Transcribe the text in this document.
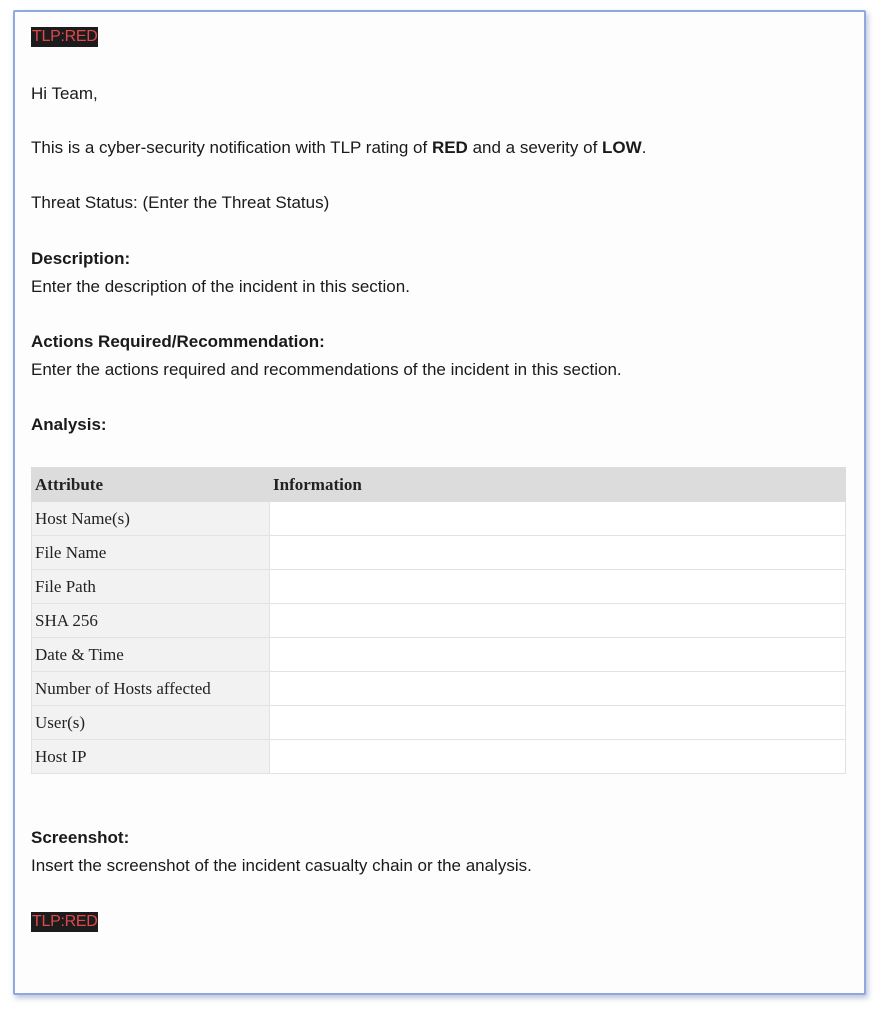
TLP:RED

Hi Team,

This is a cyber-security notification with TLP rating of RED and a severity of LOW.

Threat Status: (Enter the Threat Status)

Description:

Enter the description of the incident in this section.

Actions Required/Recommendation:

Enter the actions required and recommendations of the incident in this section.

Analysis:

Attribute	Information
Host Name(s)	
File Name	
File Path	
SHA 256	
Date & Time	
Number of Hosts affected	
User(s)	
Host IP	

Screenshot:

Insert the screenshot of the incident casualty chain or the analysis.

TLP:RED
